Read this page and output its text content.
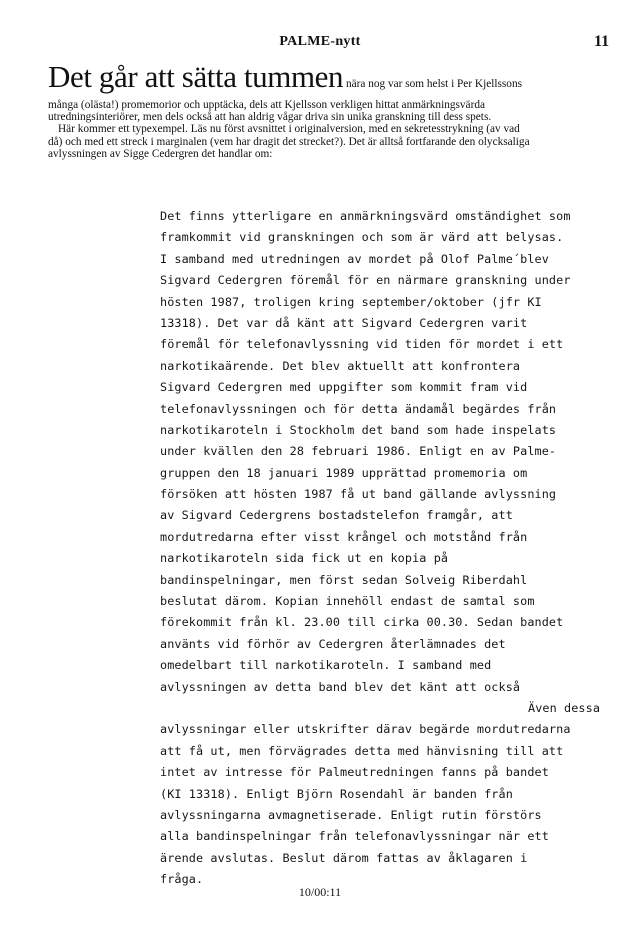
PALME-nytt	11
Det går att sätta tummen nära nog var som helst i Per Kjellssons
många (olästa!) promemorior och upptäcka, dels att Kjellsson verkligen hittat anmärkningsvärda
utredningsinteriörer, men dels också att han aldrig vågar driva sin unika granskning till dess spets.
Här kommer ett typexempel. Läs nu först avsnittet i originalversion, med en sekretesstrykning (av vad
då) och med ett streck i marginalen (vem har dragit det strecket?). Det är alltså fortfarande den olycksaliga
avlyssningen av Sigge Cedergren det handlar om:
Det finns ytterligare en anmärkningsvärd omständighet som
framkommit vid granskningen och som är värd att belysas.
I samband med utredningen av mordet på Olof Palme´blev
Sigvard Cedergren föremål för en närmare granskning under
hösten 1987, troligen kring september/oktober (jfr KI
13318). Det var då känt att Sigvard Cedergren varit
föremål för telefonavlyssning vid tiden för mordet i ett
narkotikaärende. Det blev aktuellt att konfrontera
Sigvard Cedergren med uppgifter som kommit fram vid
telefonavlyssningen och för detta ändamål begärdes från
narkotikaroteln i Stockholm det band som hade inspelats
under kvällen den 28 februari 1986. Enligt en av Palme-
gruppen den 18 januari 1989 upprättad promemoria om
försöken att hösten 1987 få ut band gällande avlyssning
av Sigvard Cedergrens bostadstelefon framgår, att
mordutredarna efter visst krångel och motstånd från
narkotikaroteln sida fick ut en kopia på
bandinspelningar, men först sedan Solveig Riberdahl
beslutat därom. Kopian innehöll endast de samtal som
förekommit från kl. 23.00 till cirka 00.30. Sedan bandet
använts vid förhör av Cedergren återlämnades det
omedelbart till narkotikaroteln. I samband med
avlyssningen av detta band blev det känt att också
Även dessa
avlyssningar eller utskrifter därav begärde mordutredarna
att få ut, men förvägrades detta med hänvisning till att
intet av intresse för Palmeutredningen fanns på bandet
(KI 13318). Enligt Björn Rosendahl är banden från
avlyssningarna avmagnetiserade. Enligt rutin förstörs
alla bandinspelningar från telefonavlyssningar när ett
ärende avslutas. Beslut därom fattas av åklagaren i
fråga.
10/00:11
